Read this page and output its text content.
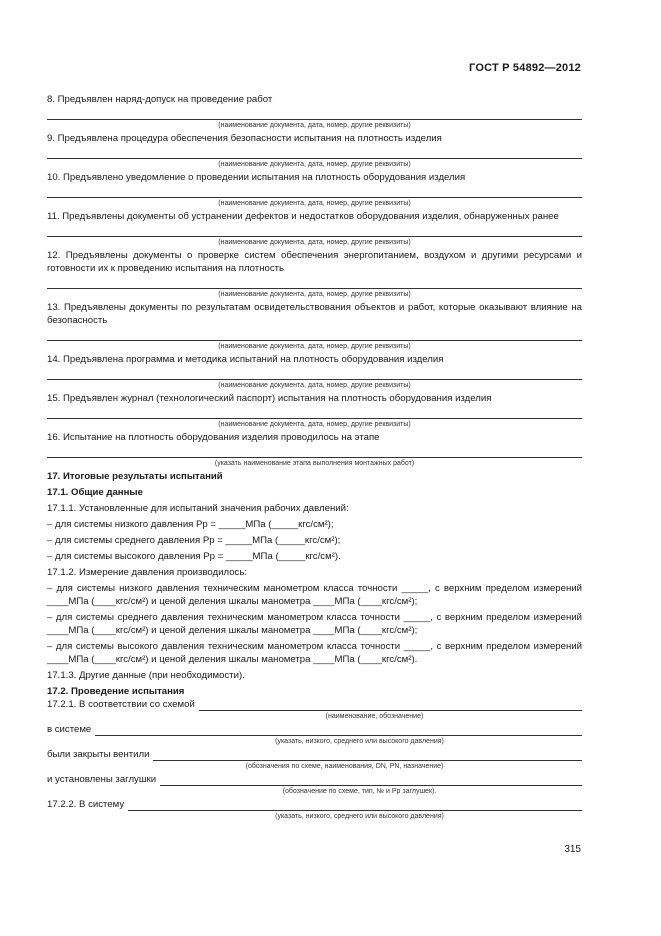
ГОСТ Р 54892—2012

8. Предъявлен наряд-допуск на проведение работ

(наименование документа, дата, номер, другие реквизиты)

9. Предъявлена процедура обеспечения безопасности испытания на плотность изделия

(наименование документа, дата, номер, другие реквизиты)

10. Предъявлено уведомление о проведении испытания на плотность оборудования изделия

(наименование документа, дата, номер, другие реквизиты)

11. Предъявлены документы об устранении дефектов и недостатков оборудования изделия, обнаруженных ранее

(наименование документа, дата, номер, другие реквизиты)

12. Предъявлены документы о проверке систем обеспечения энергопитанием, воздухом и другими ресурсами и готовности их к проведению испытания на плотность

(наименование документа, дата, номер, другие реквизиты)

13. Предъявлены документы по результатам освидетельствования объектов и работ, которые оказывают влияние на безопасность

(наименование документа, дата, номер, другие реквизиты)

14. Предъявлена программа и методика испытаний на плотность оборудования изделия

(наименование документа, дата, номер, другие реквизиты)

15. Предъявлен журнал (технологический паспорт) испытания на плотность оборудования изделия

(наименование документа, дата, номер, другие реквизиты)

16. Испытание на плотность оборудования изделия проводилось на этапе

(указать наименование этапа выполнения монтажных работ)

17. Итоговые результаты испытаний

17.1. Общие данные

17.1.1. Установленные для испытаний значения рабочих давлений:

– для системы низкого давления Pр = _____МПа (_____кгс/см²);

– для системы среднего давления Pр = _____МПа (_____кгс/см²);

– для системы высокого давления Pр = _____МПа (_____кгс/см²).

17.1.2. Измерение давления производилось:

– для системы низкого давления техническим манометром класса точности _____, с верхним пределом измерений ____МПа (____кгс/см²) и ценой деления шкалы манометра ____МПа (____кгс/см²);

– для системы среднего давления техническим манометром класса точности _____, с верхним пределом измерений ____МПа (____кгс/см²) и ценой деления шкалы манометра ____МПа (____кгс/см²);

– для системы высокого давления техническим манометром класса точности _____, с верхним пределом измерений ____МПа (____кгс/см²) и ценой деления шкалы манометра ____МПа (____кгс/см²).

17.1.3. Другие данные (при необходимости).

17.2. Проведение испытания

17.2.1. В соответствии со схемой
(наименование, обозначение)
в системе
(указать, низкого, среднего или высокого давления)
были закрыты вентили
(обозначения по схеме, наименования, DN, PN, назначение)
и установлены заглушки
(обозначение по схеме, тип, № и Pр заглушек).
17.2.2. В систему
(указать, низкого, среднего или высокого давления)
315
